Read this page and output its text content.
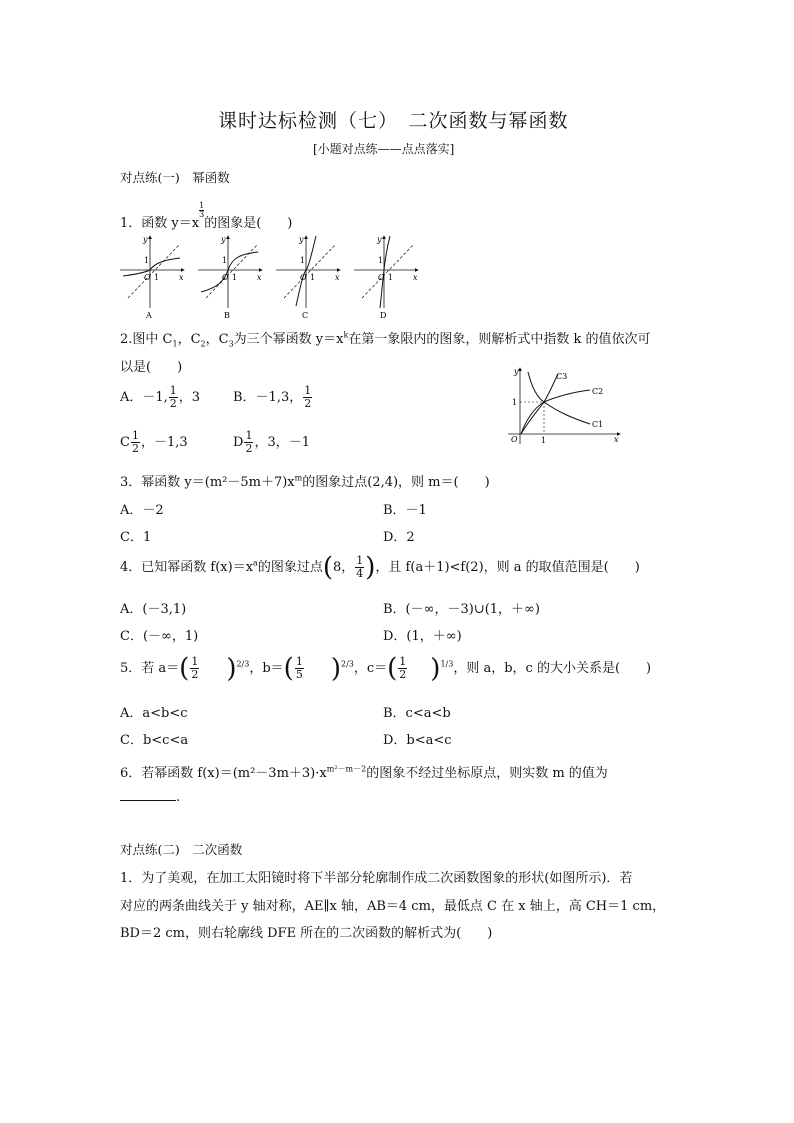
课时达标检测（七）　二次函数与幂函数
[小题对点练——点点落实]
对点练(一)　幂函数
1．函数 y＝x
$\frac{1}{3}$
的图象是(　　)
y
x
1
O 1
A
y
x
1
O 1
B
y
x
1
O 1
C
y
x
1
O 1
D
2.图中 $C_1$，$C_2$，$C_3$为三个幂函数 $y=x^k$在第一象限内的图象，则解析式中指数 k 的值依次可
以是(　　)
A．－1, $\frac{1}{2}$ ，3	B．－1,3， $\frac{1}{2}$
C $\frac{1}{2}$ ，－1,3	D $\frac{1}{2}$ ，3，－1
y
x
O
1
1
C3
C2
C1
3．幂函数 $y=(m^2-5m+7)x^m$的图象过点(2,4)，则 m＝(　　)
A．－2	B．－1
C．1	D．2
4．已知幂函数 $f(x)=x^a$的图象过点(8， $\frac{1}{4}$ )，且 f(a＋1)<f(2)，则 a 的取值范围是(　　)
A．(－3,1)	B．(－∞，－3)∪(1，＋∞)
C．(－∞，1)	D．(1，＋∞)
5．若 $a=( \frac{1}{2} )^{2/3}$，$b=( \frac{1}{5} )^{2/3}$，$c=( \frac{1}{2} )^{1/3}$，则 a，b，c 的大小关系是(　　)
A．a<b<c	B．c<a<b
C．b<c<a	D．b<a<c
6．若幂函数 $f(x)=(m^2-3m+3)\cdot x^{m^2-m-2}$的图象不经过坐标原点，则实数 m 的值为
.
对点练(二)　二次函数
1．为了美观，在加工太阳镜时将下半部分轮廓制作成二次函数图象的形状(如图所示)．若
对应的两条曲线关于 y 轴对称，AE∥x 轴，AB＝4 cm，最低点 C 在 x 轴上，高 CH＝1 cm，
BD＝2 cm，则右轮廓线 DFE 所在的二次函数的解析式为(　　)
